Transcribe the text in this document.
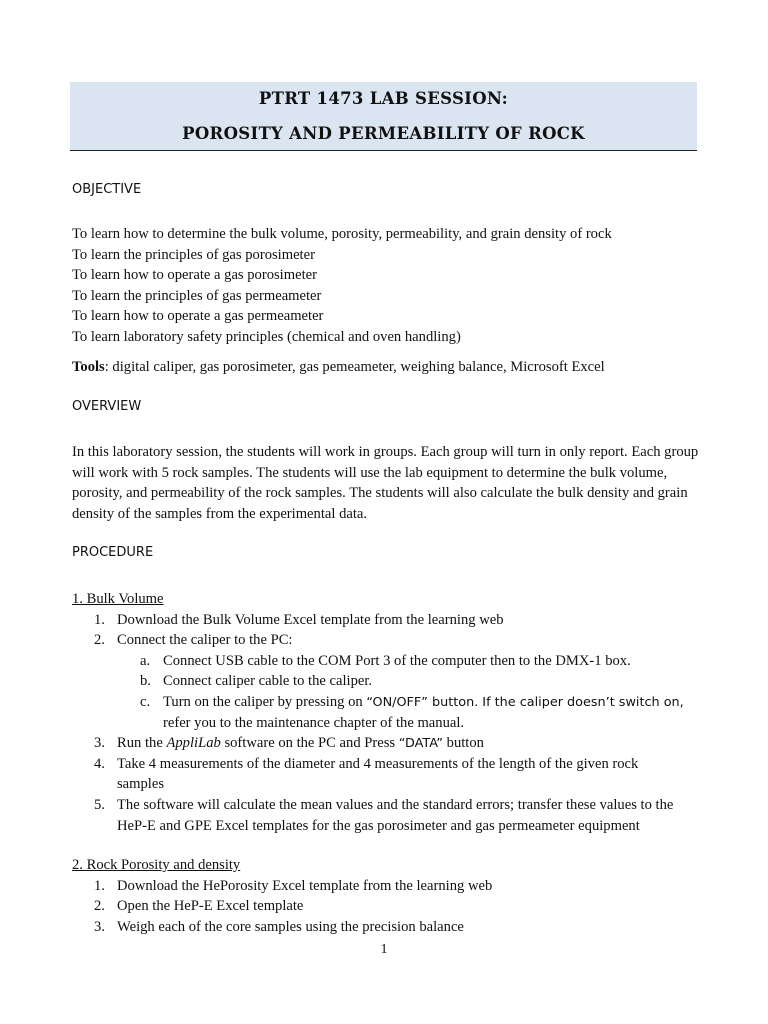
PTRT 1473 LAB SESSION:
POROSITY AND PERMEABILITY OF ROCK
OBJECTIVE
To learn how to determine the bulk volume, porosity, permeability, and grain density of rock
To learn the principles of gas porosimeter
To learn how to operate a gas porosimeter
To learn the principles of gas permeameter
To learn how to operate a gas permeameter
To learn laboratory safety principles (chemical and oven handling)
Tools: digital caliper, gas porosimeter, gas pemeameter, weighing balance, Microsoft Excel
OVERVIEW
In this laboratory session, the students will work in groups. Each group will turn in only report. Each group will work with 5 rock samples. The students will use the lab equipment to determine the bulk volume, porosity, and permeability of the rock samples. The students will also calculate the bulk density and grain density of the samples from the experimental data.
PROCEDURE
1. Bulk Volume
1. Download the Bulk Volume Excel template from the learning web
2. Connect the caliper to the PC:
a. Connect USB cable to the COM Port 3 of the computer then to the DMX-1 box.
b. Connect caliper cable to the caliper.
c. Turn on the caliper by pressing on “ON/OFF” button. If the caliper doesn’t switch on,
refer you to the maintenance chapter of the manual.
3. Run the AppliLab software on the PC and Press “DATA” button
4. Take 4 measurements of the diameter and 4 measurements of the length of the given rock
samples
5. The software will calculate the mean values and the standard errors; transfer these values to the
HeP-E and GPE Excel templates for the gas porosimeter and gas permeameter equipment
2. Rock Porosity and density
1. Download the HePorosity Excel template from the learning web
2. Open the HeP-E Excel template
3. Weigh each of the core samples using the precision balance
1
